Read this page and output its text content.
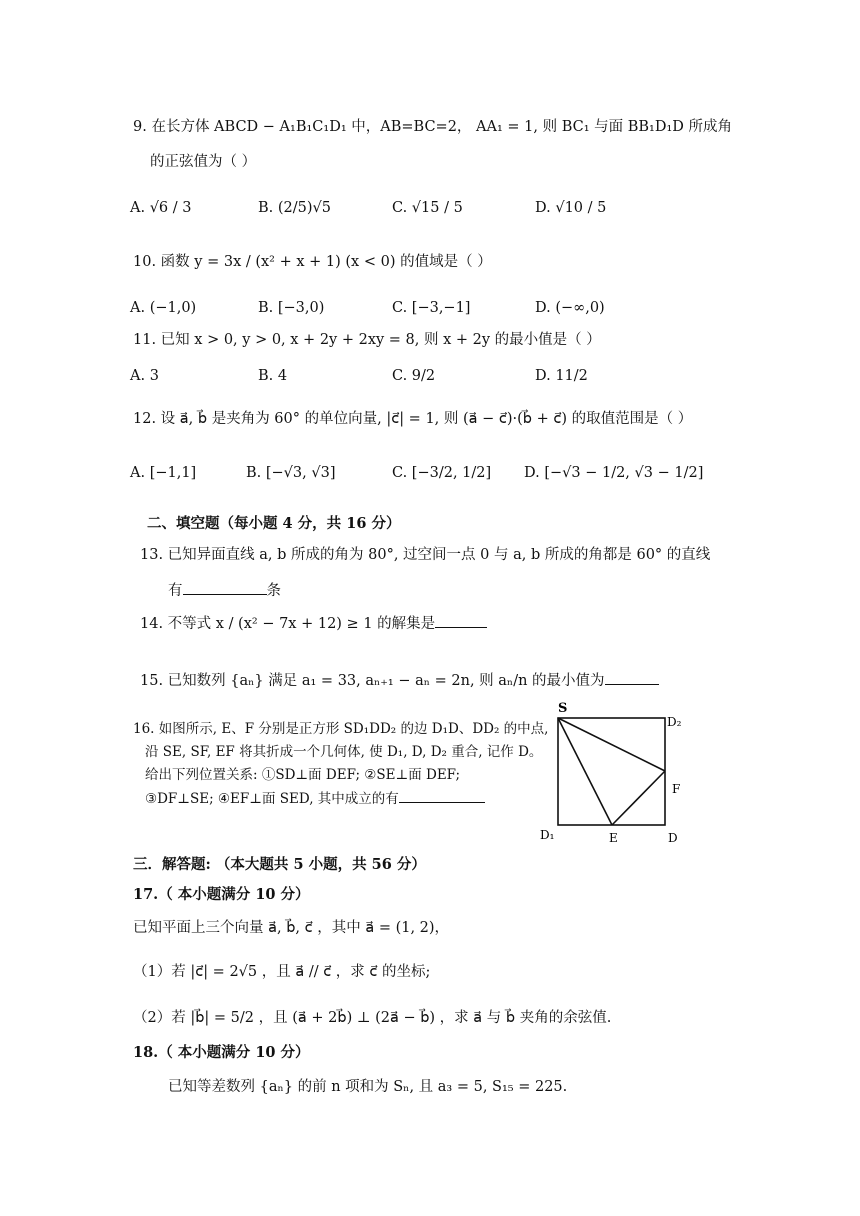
9. 在长方体 ABCD − A₁B₁C₁D₁ 中，AB=BC=2， AA₁ = 1, 则 BC₁ 与面 BB₁D₁D 所成角
的正弦值为（ ）
A. √6 / 3	B. (2/5)√5	C. √15 / 5	D. √10 / 5
10. 函数 y = 3x / (x² + x + 1) (x < 0) 的值域是（ ）
A. (−1,0)	B. [−3,0)	C. [−3,−1]	D. (−∞,0)
11. 已知 x > 0, y > 0, x + 2y + 2xy = 8, 则 x + 2y 的最小值是（ ）
A. 3	B. 4	C. 9/2	D. 11/2
12. 设 a⃗, b⃗ 是夹角为 60° 的单位向量, |c⃗| = 1, 则 (a⃗ − c⃗)·(b⃗ + c⃗) 的取值范围是（ ）
A. [−1,1]	B. [−√3, √3]	C. [−3/2, 1/2] D. [−√3 − 1/2, √3 − 1/2]
二、填空题（每小题 4 分，共 16 分）
13. 已知异面直线 a, b 所成的角为 80°, 过空间一点 0 与 a, b 所成的角都是 60° 的直线
有	条
14. 不等式 x / (x² − 7x + 12) ≥ 1 的解集是
15. 已知数列 {aₙ} 满足 a₁ = 33, aₙ₊₁ − aₙ = 2n, 则 aₙ/n 的最小值为
16. 如图所示, E、F 分别是正方形 SD₁DD₂ 的边 D₁D、DD₂ 的中点,
沿 SE, SF, EF 将其折成一个几何体, 使 D₁, D, D₂ 重合, 记作 D。
给出下列位置关系: ①SD⊥面 DEF; ②SE⊥面 DEF;
③DF⊥SE; ④EF⊥面 SED, 其中成立的有
S
D₂
F
D₁	E	D
三．解答题: （本大题共 5 小题，共 56 分）
17.（ 本小题满分 10 分）
已知平面上三个向量 a⃗, b⃗, c⃗ ，其中 a⃗ = (1, 2)，
（1）若 |c⃗| = 2√5 ，且 a⃗ // c⃗ ，求 c⃗ 的坐标;
（2）若 |b⃗| = 5/2 ，且 (a⃗ + 2b⃗) ⊥ (2a⃗ − b⃗) ，求 a⃗ 与 b⃗ 夹角的余弦值.
18.（ 本小题满分 10 分）
已知等差数列 {aₙ} 的前 n 项和为 Sₙ, 且 a₃ = 5, S₁₅ = 225.
